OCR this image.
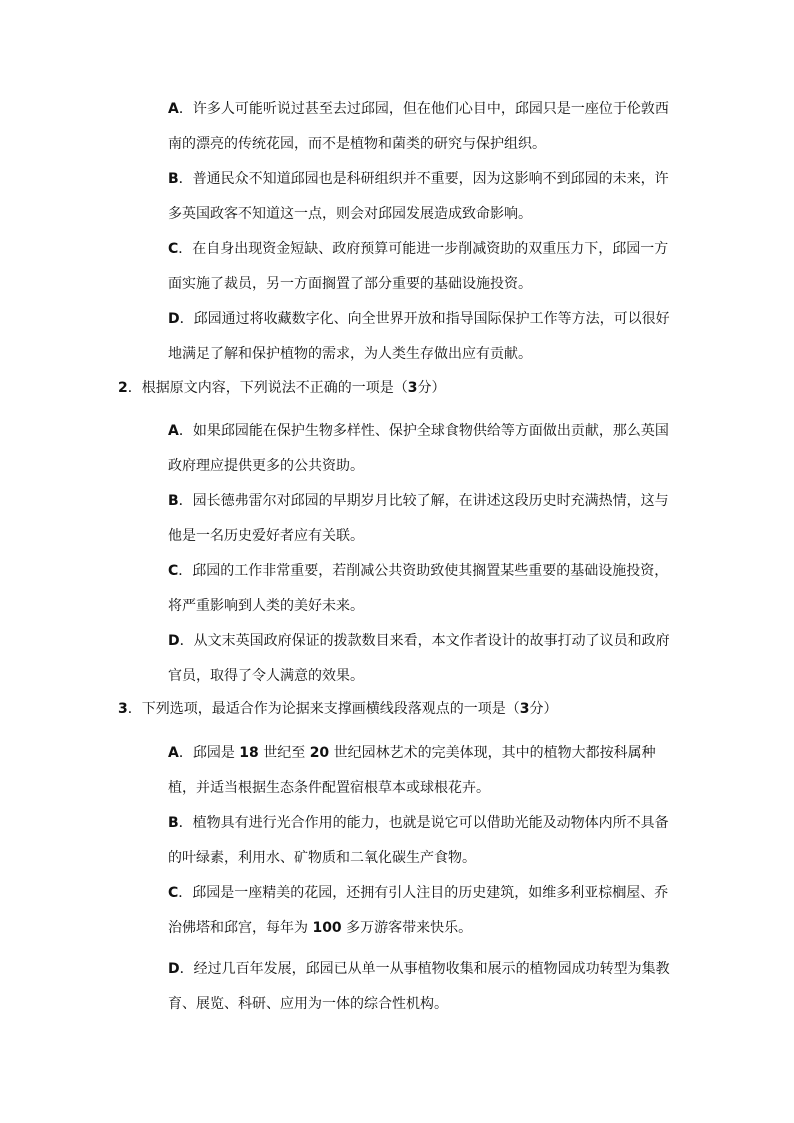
A．许多人可能听说过甚至去过邱园，但在他们心目中，邱园只是一座位于伦敦西南的漂亮的传统花园，而不是植物和菌类的研究与保护组织。

B．普通民众不知道邱园也是科研组织并不重要，因为这影响不到邱园的未来，许多英国政客不知道这一点，则会对邱园发展造成致命影响。

C．在自身出现资金短缺、政府预算可能进一步削减资助的双重压力下，邱园一方面实施了裁员，另一方面搁置了部分重要的基础设施投资。

D．邱园通过将收藏数字化、向全世界开放和指导国际保护工作等方法，可以很好地满足了解和保护植物的需求，为人类生存做出应有贡献。

2．根据原文内容，下列说法不正确的一项是（3分）

A．如果邱园能在保护生物多样性、保护全球食物供给等方面做出贡献，那么英国政府理应提供更多的公共资助。

B．园长德弗雷尔对邱园的早期岁月比较了解，在讲述这段历史时充满热情，这与他是一名历史爱好者应有关联。

C．邱园的工作非常重要，若削减公共资助致使其搁置某些重要的基础设施投资，将严重影响到人类的美好未来。

D．从文末英国政府保证的拨款数目来看，本文作者设计的故事打动了议员和政府官员，取得了令人满意的效果。

3．下列选项，最适合作为论据来支撑画横线段落观点的一项是（3分）

A．邱园是 18 世纪至 20 世纪园林艺术的完美体现，其中的植物大都按科属种植，并适当根据生态条件配置宿根草本或球根花卉。

B．植物具有进行光合作用的能力，也就是说它可以借助光能及动物体内所不具备的叶绿素，利用水、矿物质和二氧化碳生产食物。

C．邱园是一座精美的花园，还拥有引人注目的历史建筑，如维多利亚棕榈屋、乔治佛塔和邱宫，每年为 100 多万游客带来快乐。

D．经过几百年发展，邱园已从单一从事植物收集和展示的植物园成功转型为集教育、展览、科研、应用为一体的综合性机构。
